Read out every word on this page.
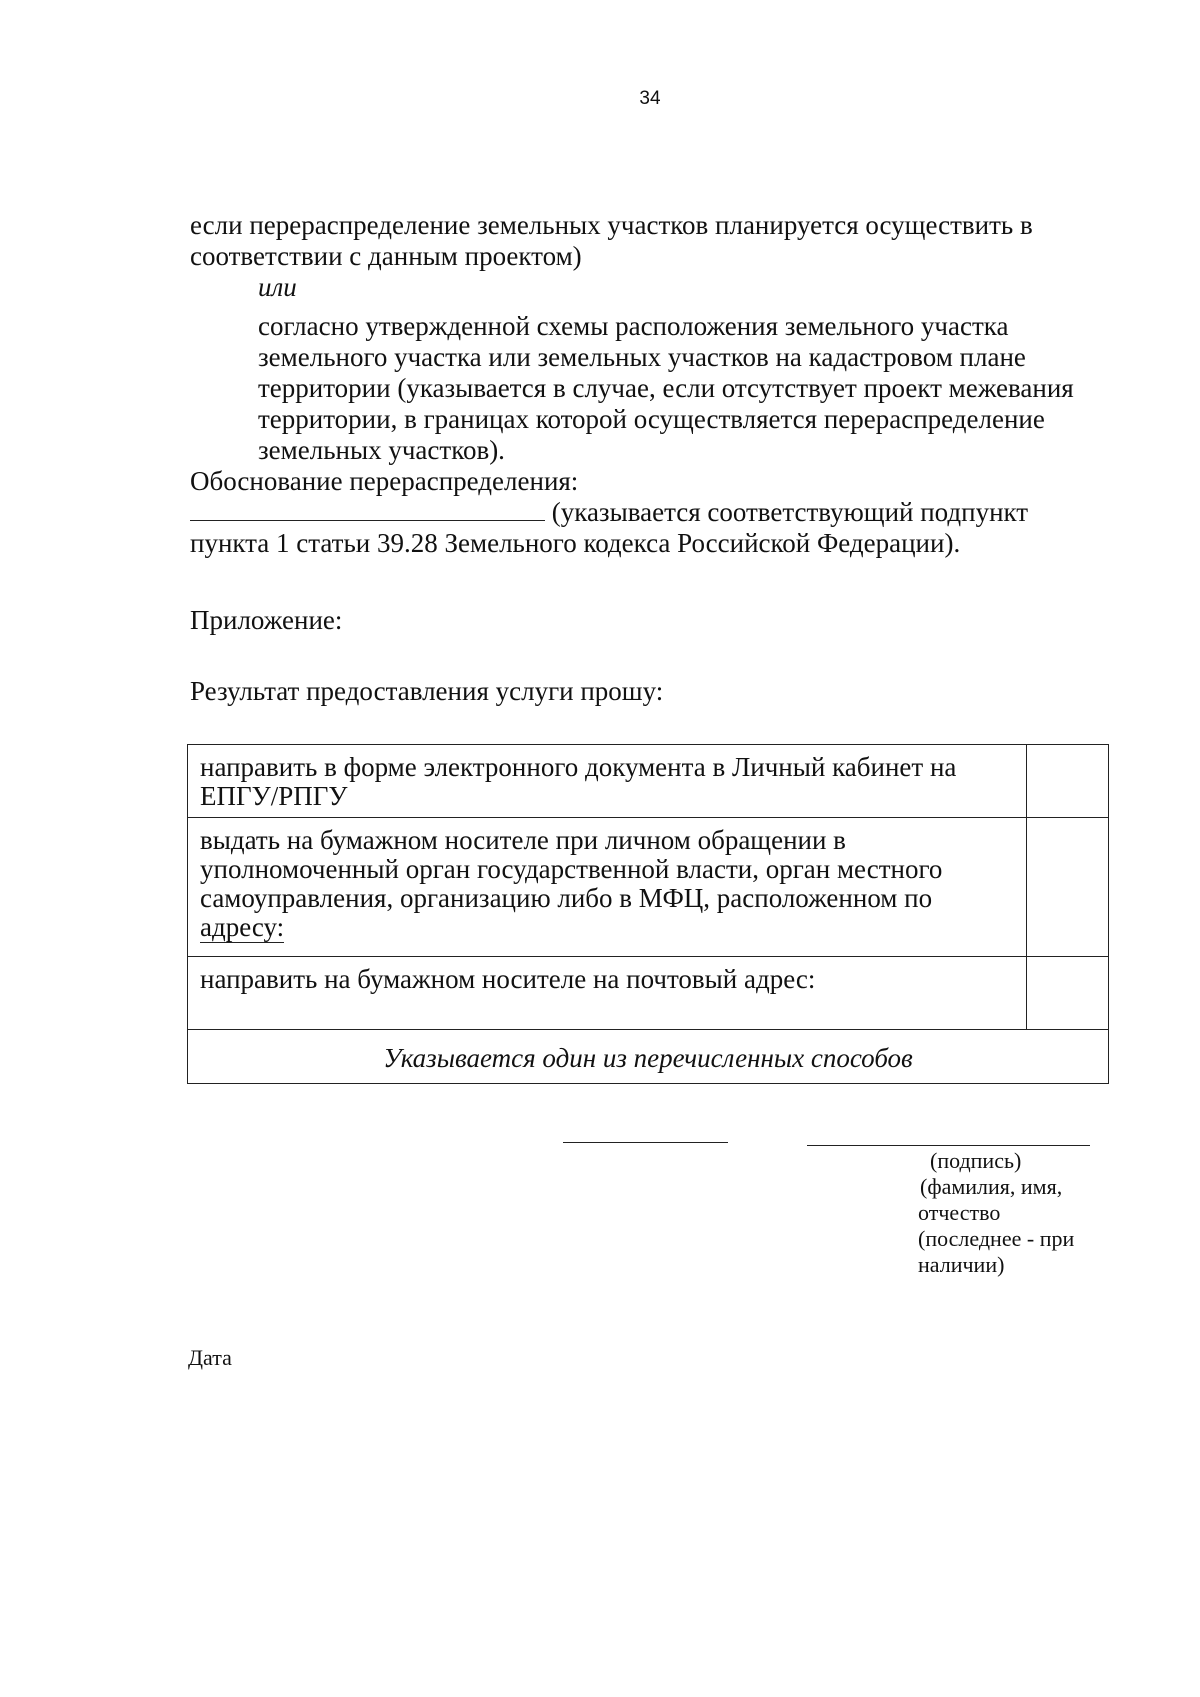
34

если перераспределение земельных участков планируется осуществить в соответствии с данным проектом)

или

согласно утвержденной схемы расположения земельного участка земельного участка или земельных участков на кадастровом плане территории (указывается в случае, если отсутствует проект межевания территории, в границах которой осуществляется перераспределение земельных участков).

Обоснование перераспределения:

(указывается соответствующий подпункт пункта 1 статьи 39.28 Земельного кодекса Российской Федерации).

Приложение:
Результат предоставления услуги прошу:
направить в форме электронного документа в Личный кабинет на ЕПГУ/РПГУ	
выдать на бумажном носителе при личном обращении в уполномоченный орган государственной власти, орган местного самоуправления, организацию либо в МФЦ, расположенном по
адресу:	
направить на бумажном носителе на почтовый адрес:	
Указывается один из перечисленных способов	
(подпись)
(фамилия, имя,
отчество
(последнее - при
наличии)
Дата
